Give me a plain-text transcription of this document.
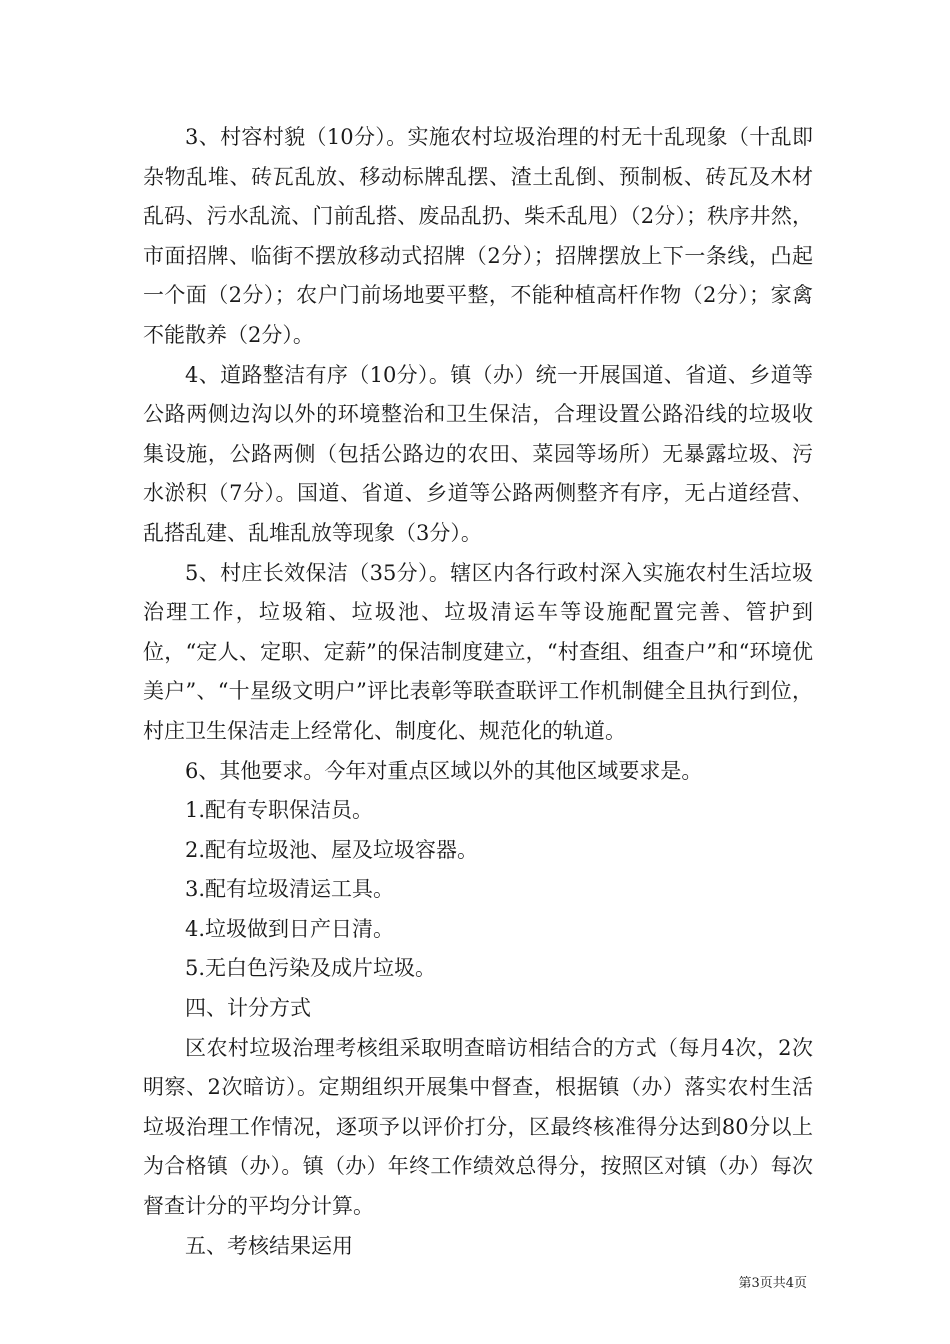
3、村容村貌（10分）。实施农村垃圾治理的村无十乱现象（十乱即杂物乱堆、砖瓦乱放、移动标牌乱摆、渣土乱倒、预制板、砖瓦及木材乱码、污水乱流、门前乱搭、废品乱扔、柴禾乱甩）（2分）；秩序井然，市面招牌、临街不摆放移动式招牌（2分）；招牌摆放上下一条线，凸起一个面（2分）；农户门前场地要平整，不能种植高杆作物（2分）；家禽不能散养（2分）。

4、道路整洁有序（10分）。镇（办）统一开展国道、省道、乡道等公路两侧边沟以外的环境整治和卫生保洁，合理设置公路沿线的垃圾收集设施，公路两侧（包括公路边的农田、菜园等场所）无暴露垃圾、污水淤积（7分）。国道、省道、乡道等公路两侧整齐有序，无占道经营、乱搭乱建、乱堆乱放等现象（3分）。

5、村庄长效保洁（35分）。辖区内各行政村深入实施农村生活垃圾治理工作，垃圾箱、垃圾池、垃圾清运车等设施配置完善、管护到位，“定人、定职、定薪”的保洁制度建立，“村查组、组查户”和“环境优美户”、“十星级文明户”评比表彰等联查联评工作机制健全且执行到位，村庄卫生保洁走上经常化、制度化、规范化的轨道。

6、其他要求。今年对重点区域以外的其他区域要求是。

1.配有专职保洁员。

2.配有垃圾池、屋及垃圾容器。

3.配有垃圾清运工具。

4.垃圾做到日产日清。

5.无白色污染及成片垃圾。

四、计分方式

区农村垃圾治理考核组采取明查暗访相结合的方式（每月4次，2次明察、2次暗访）。定期组织开展集中督查，根据镇（办）落实农村生活垃圾治理工作情况，逐项予以评价打分，区最终核准得分达到80分以上为合格镇（办）。镇（办）年终工作绩效总得分，按照区对镇（办）每次督查计分的平均分计算。

五、考核结果运用

第3页共4页
